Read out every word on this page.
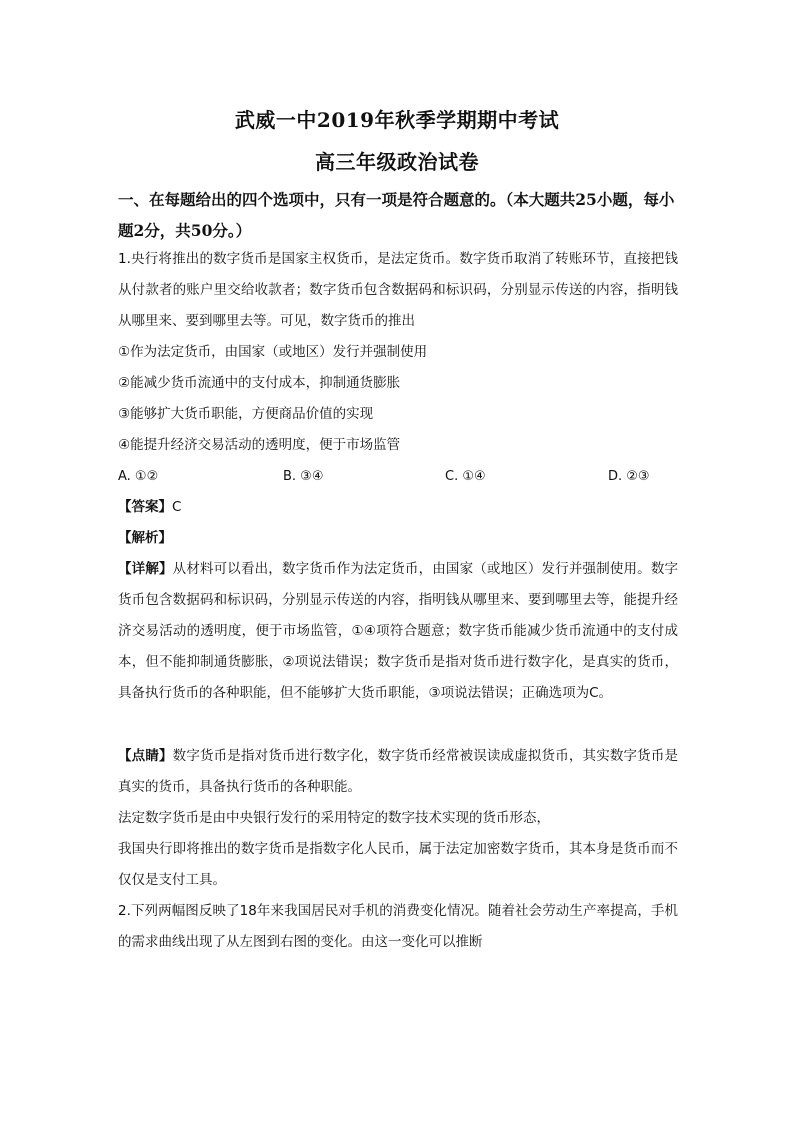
武威一中2019年秋季学期期中考试
高三年级政治试卷

一、在每题给出的四个选项中，只有一项是符合题意的。（本大题共25小题，每小题2分，共50分。）

1.央行将推出的数字货币是国家主权货币，是法定货币。数字货币取消了转账环节，直接把钱从付款者的账户里交给收款者；数字货币包含数据码和标识码，分别显示传送的内容，指明钱从哪里来、要到哪里去等。可见，数字货币的推出

①作为法定货币，由国家（或地区）发行并强制使用

②能减少货币流通中的支付成本，抑制通货膨胀

③能够扩大货币职能，方便商品价值的实现

④能提升经济交易活动的透明度，便于市场监管

A. ①②	B. ③④	C. ①④	D. ②③

【答案】C

【解析】

【详解】从材料可以看出，数字货币作为法定货币，由国家（或地区）发行并强制使用。数字货币包含数据码和标识码，分别显示传送的内容，指明钱从哪里来、要到哪里去等，能提升经济交易活动的透明度，便于市场监管，①④项符合题意；数字货币能减少货币流通中的支付成本，但不能抑制通货膨胀，②项说法错误；数字货币是指对货币进行数字化，是真实的货币，具备执行货币的各种职能，但不能够扩大货币职能，③项说法错误；正确选项为C。

【点睛】数字货币是指对货币进行数字化，数字货币经常被误读成虚拟货币，其实数字货币是真实的货币，具备执行货币的各种职能。

法定数字货币是由中央银行发行的采用特定的数字技术实现的货币形态，

我国央行即将推出的数字货币是指数字化人民币，属于法定加密数字货币，其本身是货币而不仅仅是支付工具。

2.下列两幅图反映了18年来我国居民对手机的消费变化情况。随着社会劳动生产率提高，手机的需求曲线出现了从左图到右图的变化。由这一变化可以推断
